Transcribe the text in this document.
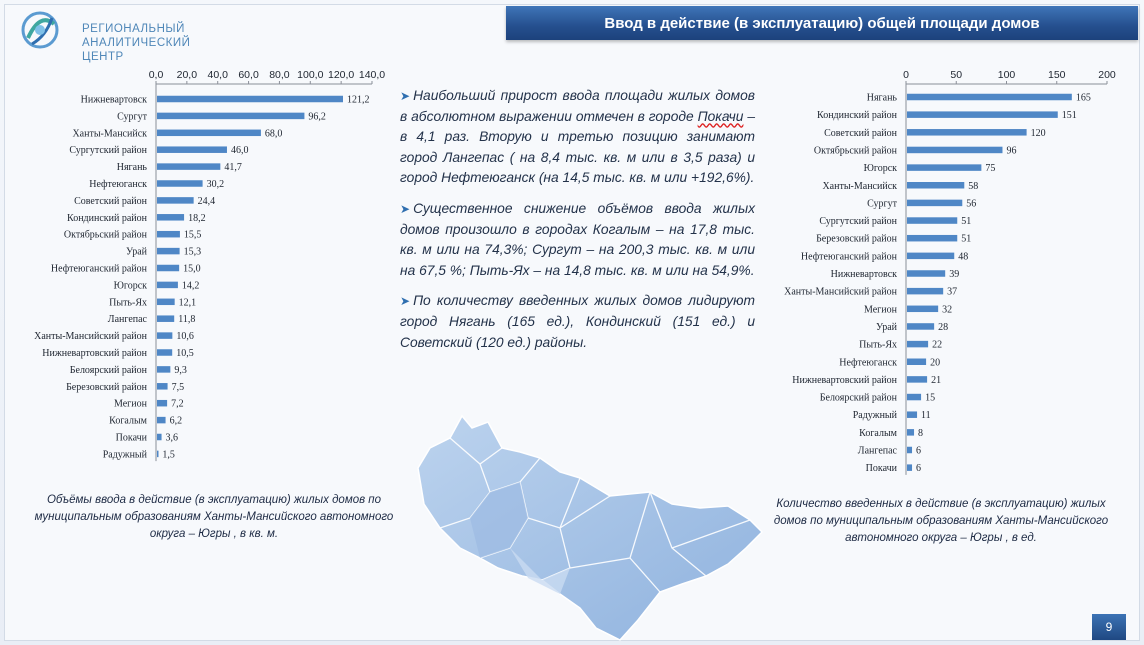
РЕГИОНАЛЬНЫЙ
АНАЛИТИЧЕСКИЙ ЦЕНТР
Ввод в действие (в эксплуатацию) общей площади домов
0,0 20,0 40,0 60,0 80,0 100,0 120,0 140,0
Нижневартовск	121,2
Сургут	96,2
Ханты-Мансийск	68,0
Сургутский район	46,0
Нягань	41,7
Нефтеюганск	30,2
Советский район	24,4
Кондинский район	18,2
Октябрьский район	15,5
Урай	15,3
Нефтеюганский район	15,0
Югорск	14,2
Пыть-Ях	12,1
Лангепас	11,8
Ханты-Мансийский район	10,6
Нижневартовский район	10,5
Белоярский район	9,3
Березовский район 7,5
Мегион 7,2
Когалым 6,2
Покачи 3,6
Радужный 1,5
0	50	100	150	200
Нягань	165
Кондинский район	151
Советский район	120
Октябрьский район	96
Югорск	75
Ханты-Мансийск	58
Сургут	56
Сургутский район	51
Березовский район	51
Нефтеюганский район	48
Нижневартовск	39
Ханты-Мансийский район	37
Мегион	32
Урай	28
Пыть-Ях	22
Нефтеюганск	20
Нижневартовский район	21
Белоярский район	15
Радужный 11
Когалым 8
Лангепас 6
Покачи 6

➤ Наибольший прирост ввода площади жилых домов в абсолютном выражении отмечен в городе Покачи – в 4,1 раз. Вторую и третью позицию занимают город Лангепас ( на 8,4 тыс. кв. м или в 3,5 раза) и город Нефтеюганск (на 14,5 тыс. кв. м или +192,6%).

➤ Существенное снижение объёмов ввода жилых домов произошло в городах Когалым – на 17,8 тыс. кв. м или на 74,3%; Сургут – на 200,3 тыс. кв. м или на 67,5 %; Пыть-Ях – на 14,8 тыс. кв. м или на 54,9%.

➤ По количеству введенных жилых домов лидируют город Нягань (165 ед.), Кондинский (151 ед.) и Советский (120 ед.) районы.

Объёмы ввода в действие (в эксплуатацию) жилых домов по муниципальным образованиям Ханты-Мансийского автономного округа – Югры , в кв. м.
Количество введенных в действие (в эксплуатацию) жилых домов по муниципальным образованиям Ханты-Мансийского автономного округа – Югры , в ед.
9
